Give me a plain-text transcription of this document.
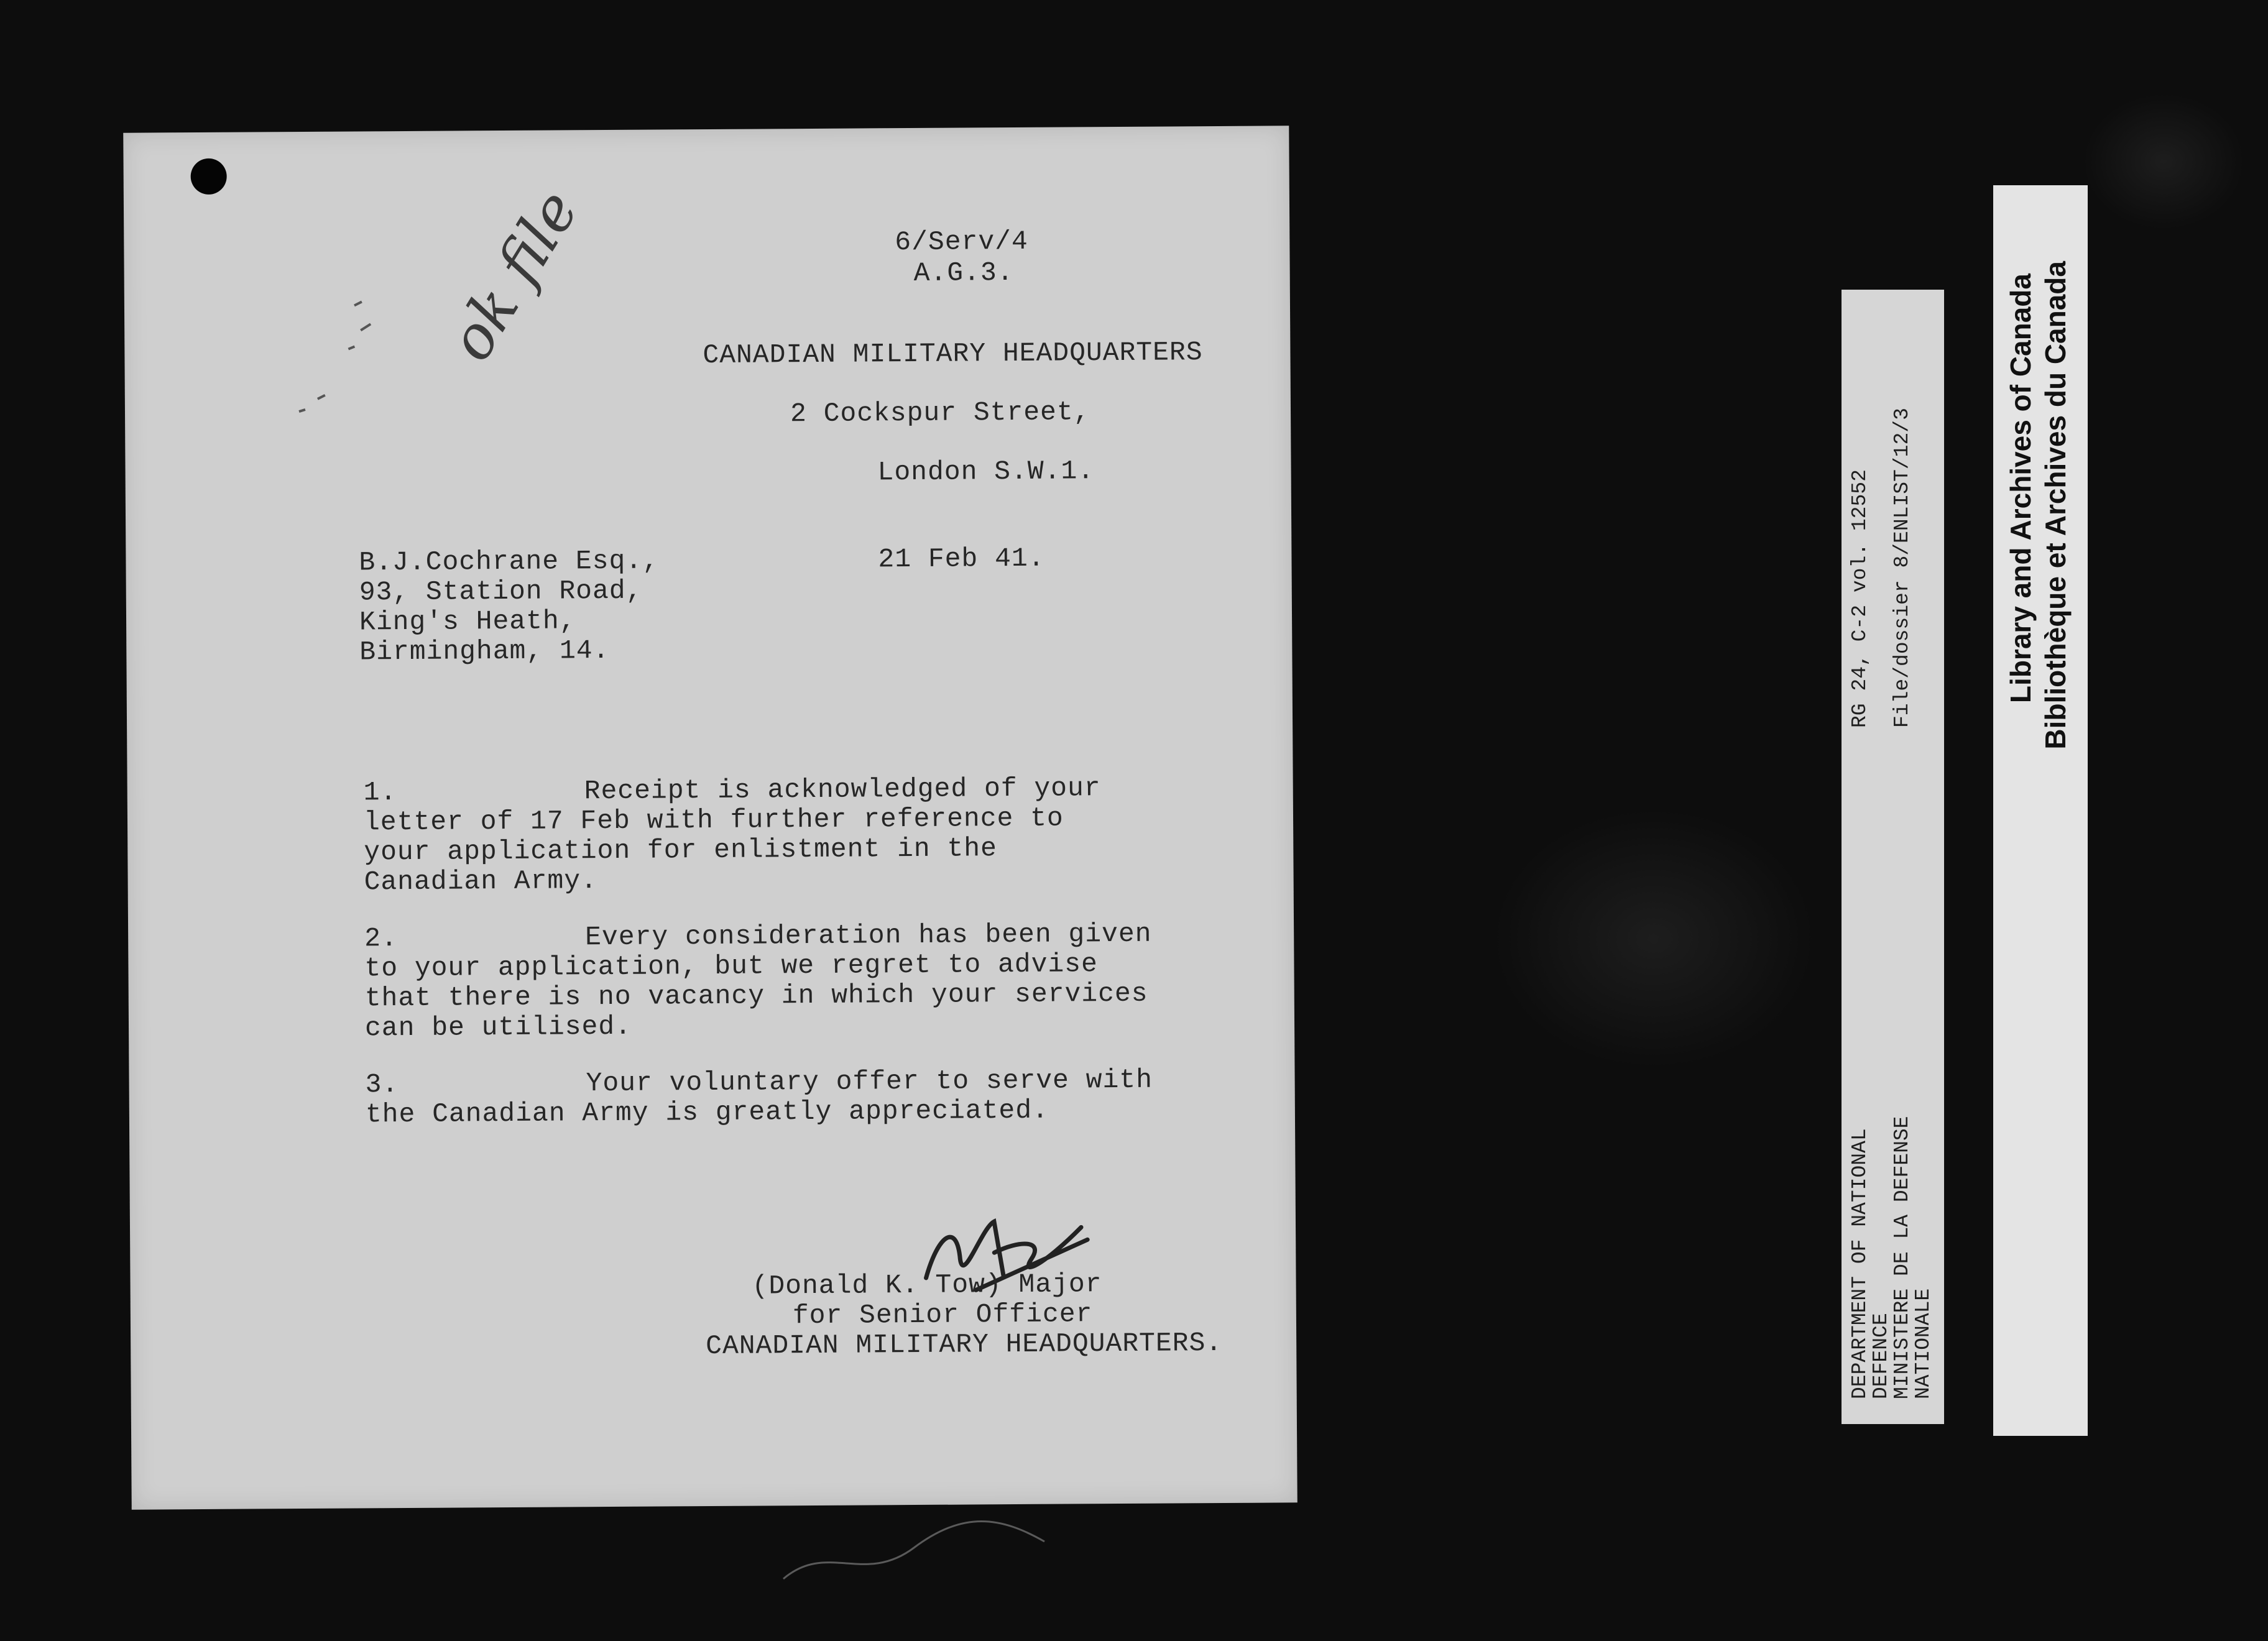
ok file	6/Serv/4
A.G.3.
CANADIAN MILITARY HEADQUARTERS
2 Cockspur Street,
London S.W.1.
B.J.Cochrane Esq.,	21 Feb 41.
93, Station Road,
King's Heath,
Birmingham, 14.
1.	Receipt is acknowledged of your
letter of 17 Feb with further reference to
your application for enlistment in the
Canadian Army.
2.	Every consideration has been given
to your application, but we regret to advise
that there is no vacancy in which your services
can be utilised.
3.	Your voluntary offer to serve with
the Canadian Army is greatly appreciated.
(Donald K. Tow) Major
for Senior Officer
CANADIAN MILITARY HEADQUARTERS.	DEPARTMENT OF NATIONAL
RG 24, C-2 vol. 12552
DEFENCE
MINISTERE DE LA DEFENSE
File/dossier 8/ENLIST/12/3
NATIONALE
Library and Archives of Canada Bibliothèque et Archives du Canada
